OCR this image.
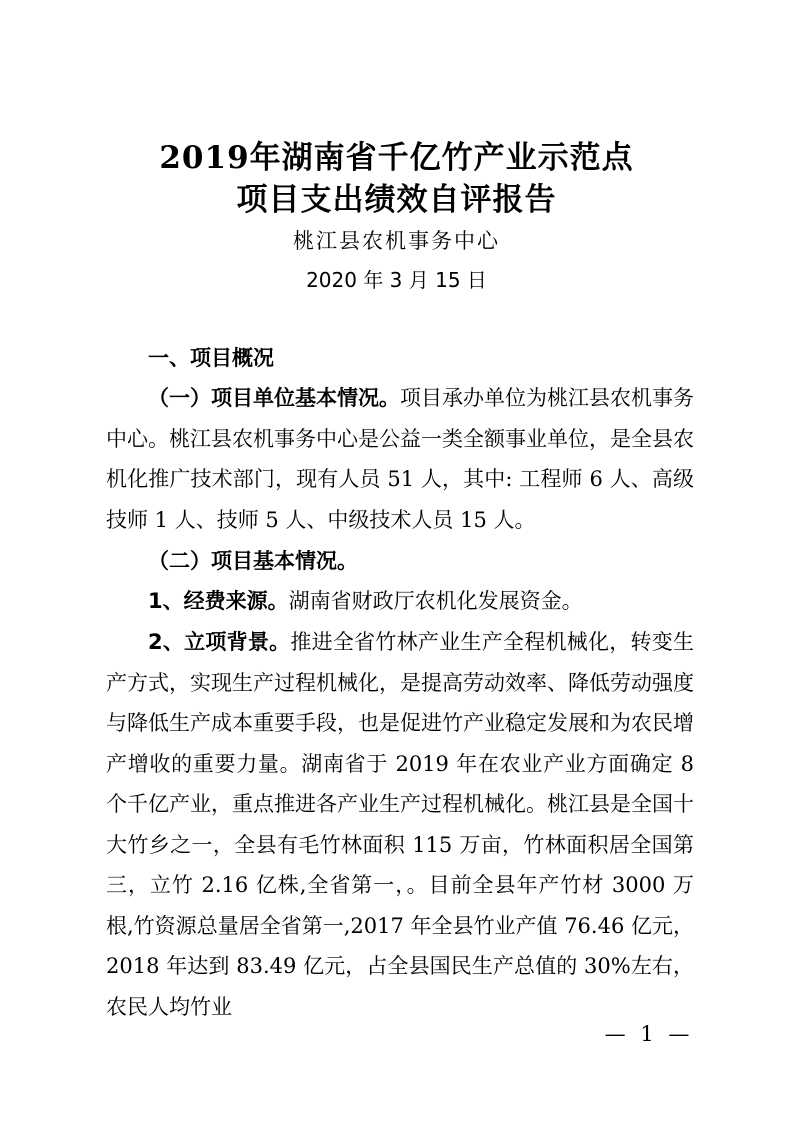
2019年湖南省千亿竹产业示范点
项目支出绩效自评报告
桃江县农机事务中心
2020 年 3 月 15 日
一、项目概况
（一）项目单位基本情况。项目承办单位为桃江县农机事务中心。桃江县农机事务中心是公益一类全额事业单位，是全县农机化推广技术部门，现有人员 51 人，其中: 工程师 6 人、高级技师 1 人、技师 5 人、中级技术人员 15 人。
（二）项目基本情况。
1、经费来源。湖南省财政厅农机化发展资金。
2、立项背景。推进全省竹林产业生产全程机械化，转变生产方式，实现生产过程机械化，是提高劳动效率、降低劳动强度与降低生产成本重要手段，也是促进竹产业稳定发展和为农民增产增收的重要力量。湖南省于 2019 年在农业产业方面确定 8 个千亿产业，重点推进各产业生产过程机械化。桃江县是全国十大竹乡之一，全县有毛竹林面积 115 万亩，竹林面积居全国第三，立竹 2.16 亿株,全省第一，。目前全县年产竹材 3000 万根,竹资源总量居全省第一,2017 年全县竹业产值 76.46 亿元，2018 年达到 83.49 亿元，占全县国民生产总值的 30%左右，农民人均竹业
— 1 —
